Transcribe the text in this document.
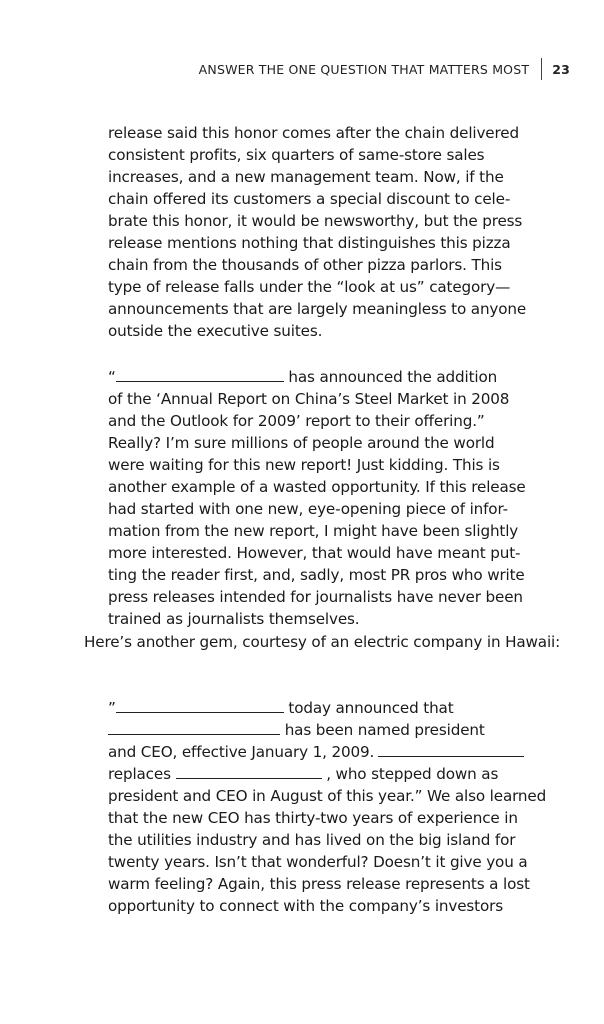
ANSWER THE ONE QUESTION THAT MATTERS MOST 23
release said this honor comes after the chain delivered
consistent profits, six quarters of same-store sales
increases, and a new management team. Now, if the
chain offered its customers a special discount to cele-
brate this honor, it would be newsworthy, but the press
release mentions nothing that distinguishes this pizza
chain from the thousands of other pizza parlors. This
type of release falls under the “look at us” category—
announcements that are largely meaningless to anyone
outside the executive suites.
“	has announced the addition
of the ‘Annual Report on China’s Steel Market in 2008
and the Outlook for 2009’ report to their offering.”
Really? I’m sure millions of people around the world
were waiting for this new report! Just kidding. This is
another example of a wasted opportunity. If this release
had started with one new, eye-opening piece of infor-
mation from the new report, I might have been slightly
more interested. However, that would have meant put-
ting the reader first, and, sadly, most PR pros who write
press releases intended for journalists have never been
trained as journalists themselves.
Here’s another gem, courtesy of an electric company in Hawaii:
”	today announced that
has been named president
and CEO, effective January 1, 2009.
replaces	, who stepped down as
president and CEO in August of this year.” We also learned
that the new CEO has thirty-two years of experience in
the utilities industry and has lived on the big island for
twenty years. Isn’t that wonderful? Doesn’t it give you a
warm feeling? Again, this press release represents a lost
opportunity to connect with the company’s investors
